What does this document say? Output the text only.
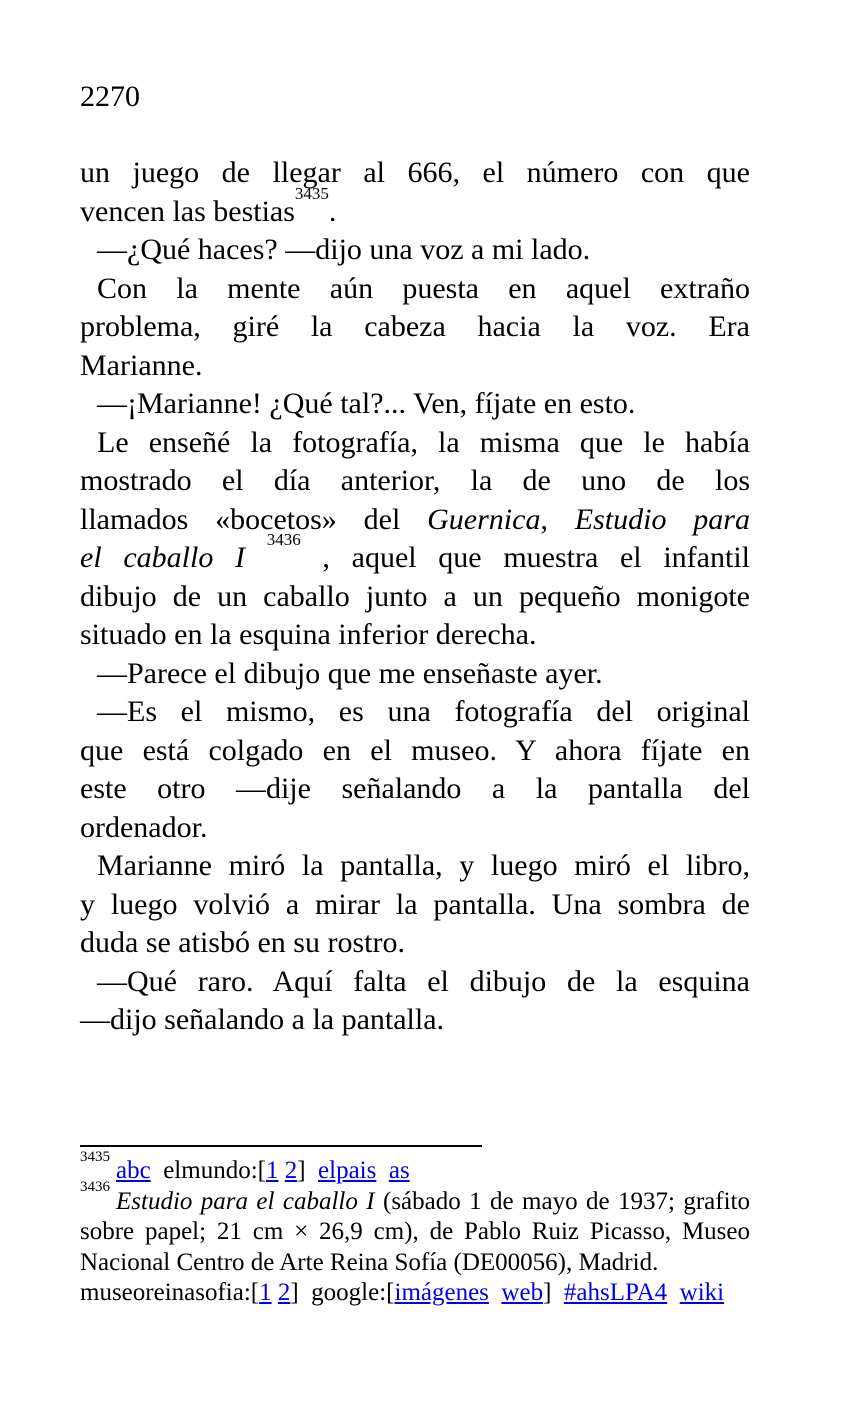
2270
un juego de llegar al 666, el número con que
vencen las bestias$^{3435}$.
—¿Qué haces? —dijo una voz a mi lado.
Con la mente aún puesta en aquel extraño
problema, giré la cabeza hacia la voz. Era
Marianne.
—¡Marianne! ¿Qué tal?... Ven, fíjate en esto.
Le enseñé la fotografía, la misma que le había
mostrado el día anterior, la de uno de los
llamados «bocetos» del Guernica, Estudio para
el caballo I $^{3436}$ , aquel que muestra el infantil
dibujo de un caballo junto a un pequeño monigote
situado en la esquina inferior derecha.
—Parece el dibujo que me enseñaste ayer.
—Es el mismo, es una fotografía del original
que está colgado en el museo. Y ahora fíjate en
este otro —dije señalando a la pantalla del
ordenador.
Marianne miró la pantalla, y luego miró el libro,
y luego volvió a mirar la pantalla. Una sombra de
duda se atisbó en su rostro.
—Qué raro. Aquí falta el dibujo de la esquina
—dijo señalando a la pantalla.
$^{3435}$abc  elmundo:[1 2]  elpais as
$^{3436}$Estudio para el caballo I (sábado 1 de mayo de 1937; grafito
sobre papel; 21 cm × 26,9 cm), de Pablo Ruiz Picasso, Museo
Nacional Centro de Arte Reina Sofía (DE00056), Madrid.
museoreinasofia:[1 2]  google:[imágenes web]  #ahsLPA4 wiki
